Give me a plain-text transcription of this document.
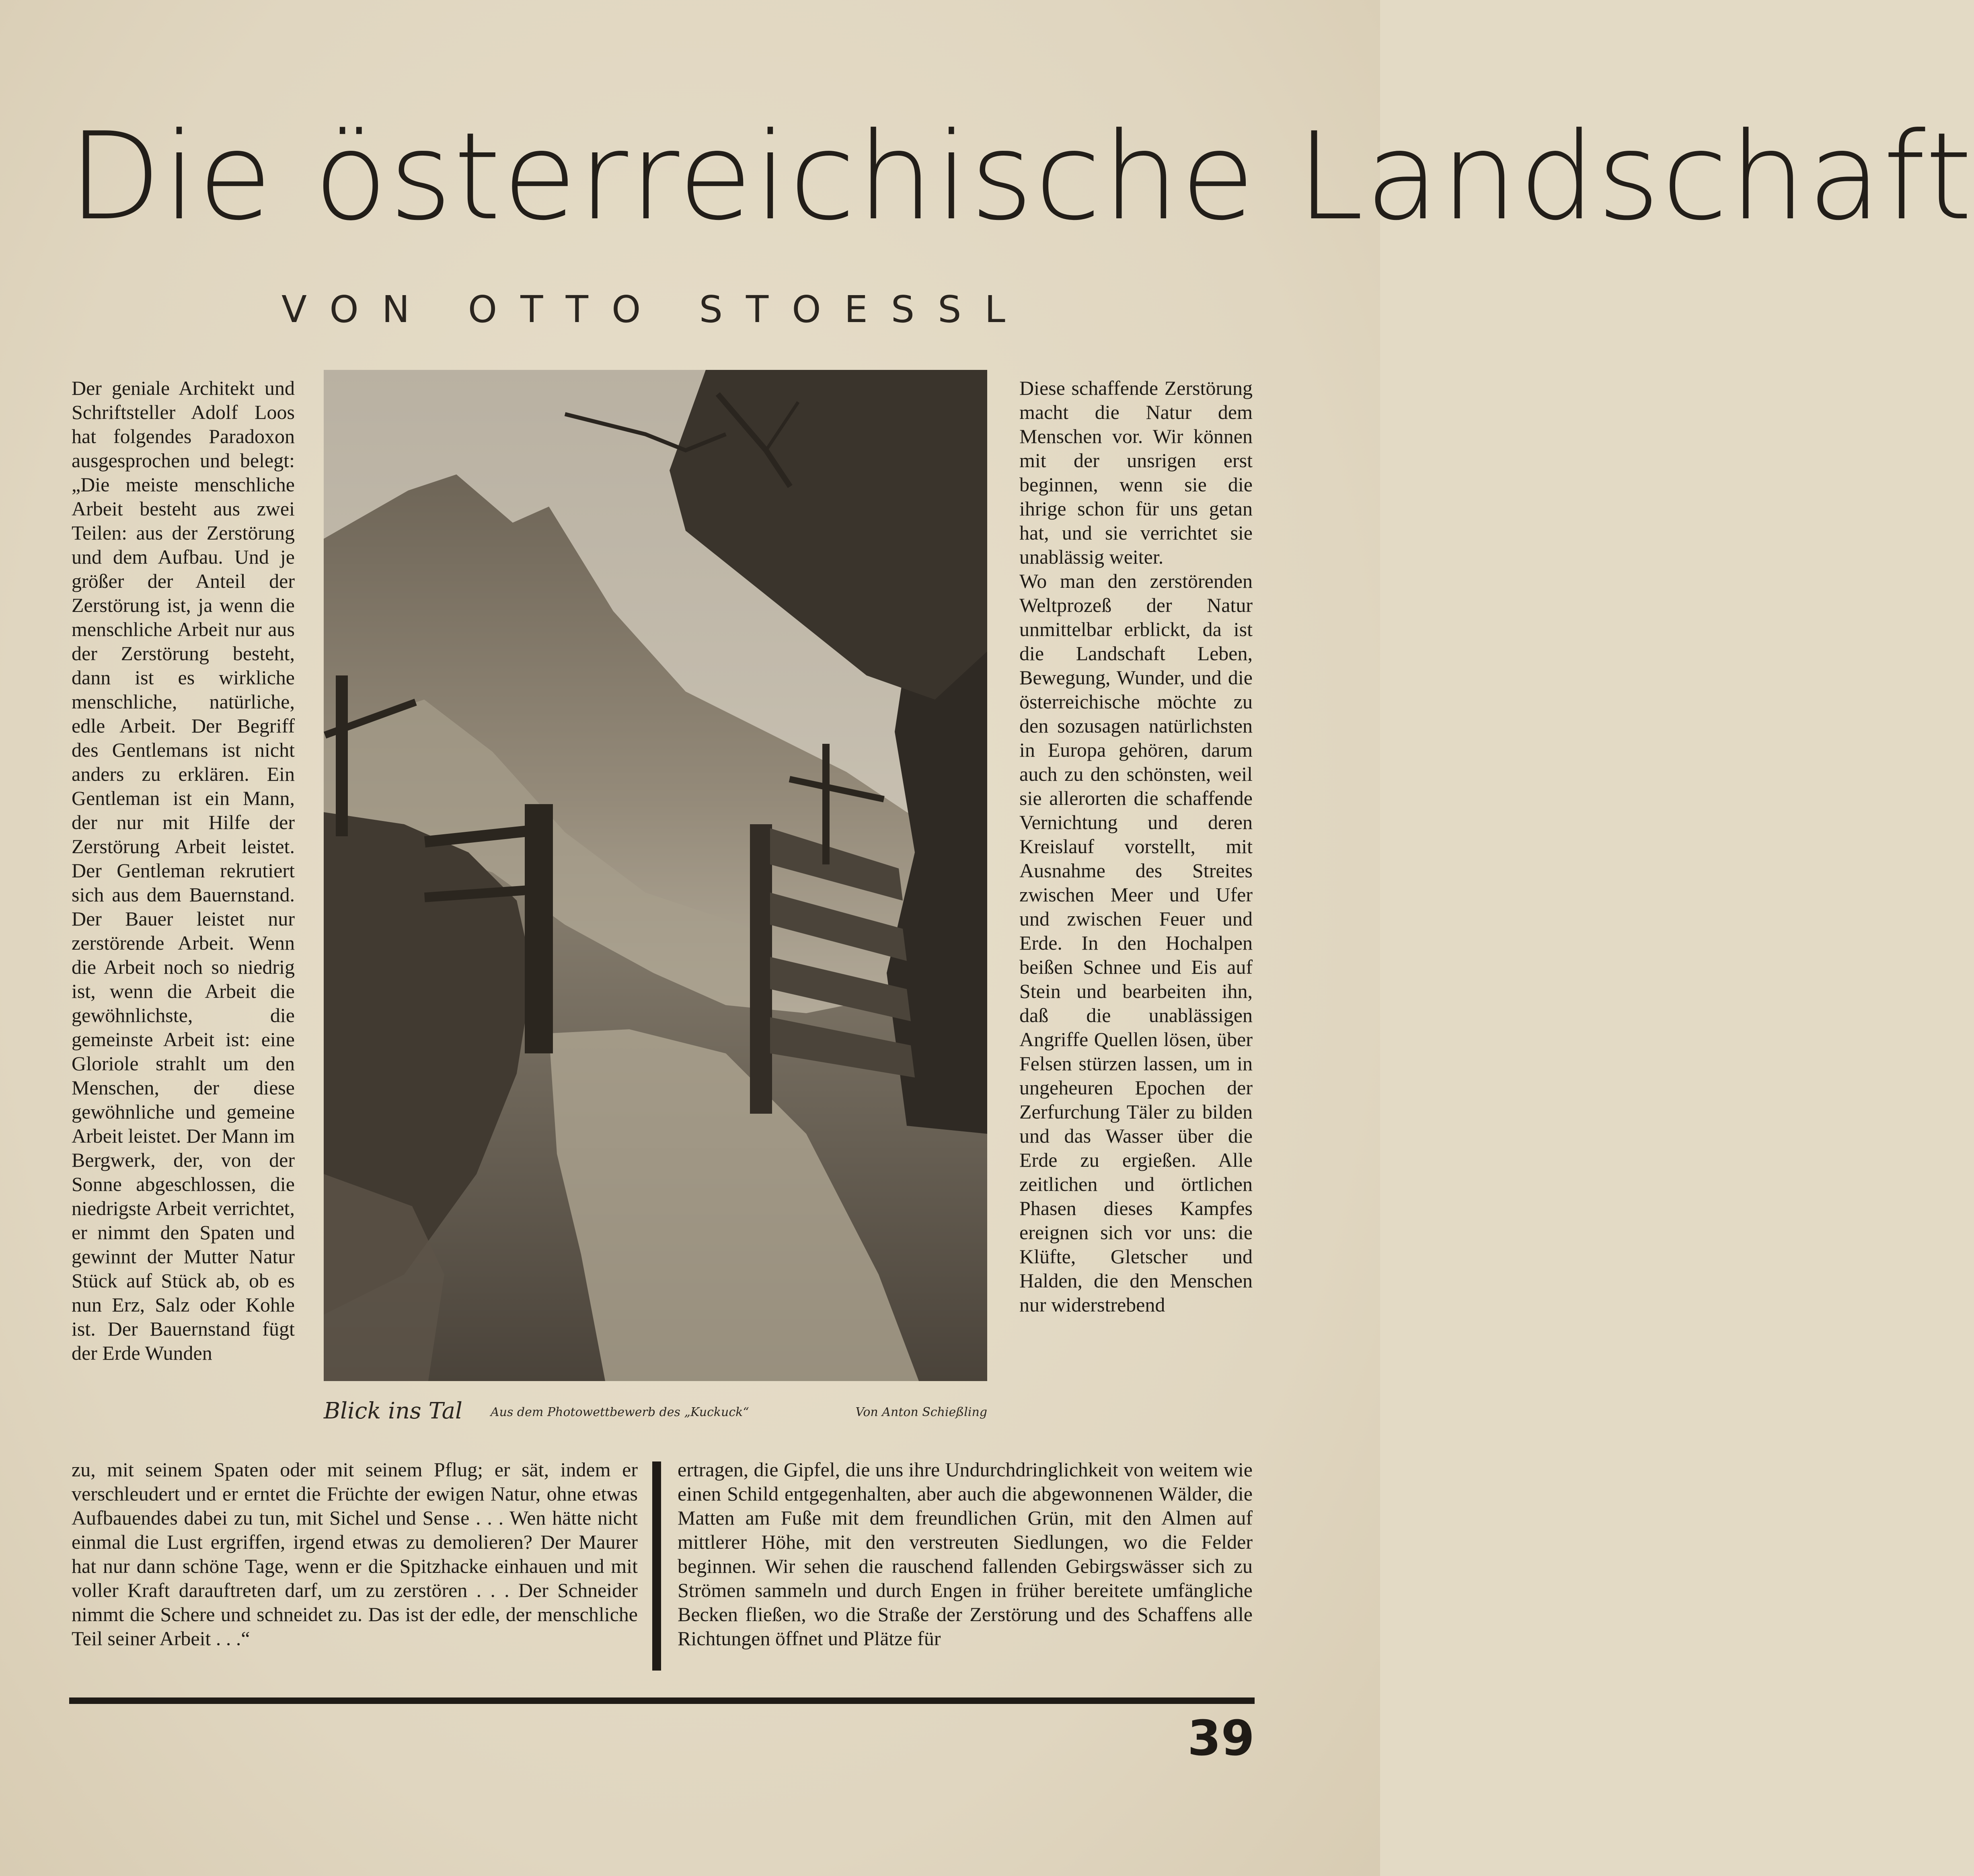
Die österreichische Landschaft
VON OTTO STOESSL

Der geniale Architekt und Schriftsteller Adolf Loos hat folgendes Paradoxon ausgesprochen und belegt: „Die meiste menschliche Arbeit besteht aus zwei Teilen: aus der Zerstörung und dem Aufbau. Und je größer der Anteil der Zerstörung ist, ja wenn die menschliche Arbeit nur aus der Zerstörung besteht, dann ist es wirkliche menschliche, natürliche, edle Arbeit. Der Begriff des Gentlemans ist nicht anders zu erklären. Ein Gentleman ist ein Mann, der nur mit Hilfe der Zerstörung Arbeit leistet. Der Gentleman rekrutiert sich aus dem Bauernstand. Der Bauer leistet nur zerstörende Arbeit. Wenn die Arbeit noch so niedrig ist, wenn die Arbeit die gewöhnlichste, die gemeinste Arbeit ist: eine Gloriole strahlt um den Menschen, der diese gewöhnliche und gemeine Arbeit leistet. Der Mann im Bergwerk, der, von der Sonne abgeschlossen, die niedrigste Arbeit verrichtet, er nimmt den Spaten und gewinnt der Mutter Natur Stück auf Stück ab, ob es nun Erz, Salz oder Kohle ist. Der Bauernstand fügt der Erde Wunden

Blick ins Tal	Aus dem Photowettbewerb des „Kuckuck“	Von Anton Schießling

Diese schaffende Zerstörung macht die Natur dem Menschen vor. Wir können mit der unsrigen erst beginnen, wenn sie die ihrige schon für uns getan hat, und sie verrichtet sie unablässig weiter.

Wo man den zerstörenden Weltprozeß der Natur unmittelbar erblickt, da ist die Landschaft Leben, Bewegung, Wunder, und die österreichische möchte zu den sozusagen natürlichsten in Europa gehören, darum auch zu den schönsten, weil sie allerorten die schaffende Vernichtung und deren Kreislauf vorstellt, mit Ausnahme des Streites zwischen Meer und Ufer und zwischen Feuer und Erde. In den Hochalpen beißen Schnee und Eis auf Stein und bearbeiten ihn, daß die unablässigen Angriffe Quellen lösen, über Felsen stürzen lassen, um in ungeheuren Epochen der Zerfurchung Täler zu bilden und das Wasser über die Erde zu ergießen. Alle zeitlichen und örtlichen Phasen dieses Kampfes ereignen sich vor uns: die Klüfte, Gletscher und Halden, die den Menschen nur widerstrebend

zu, mit seinem Spaten oder mit seinem Pflug; er sät, indem er verschleudert und er erntet die Früchte der ewigen Natur, ohne etwas Aufbauendes dabei zu tun, mit Sichel und Sense . . . Wen hätte nicht einmal die Lust ergriffen, irgend etwas zu demolieren? Der Maurer hat nur dann schöne Tage, wenn er die Spitzhacke einhauen und mit voller Kraft darauftreten darf, um zu zerstören . . . Der Schneider nimmt die Schere und schneidet zu. Das ist der edle, der menschliche Teil seiner Arbeit . . .“

ertragen, die Gipfel, die uns ihre Undurchdringlichkeit von weitem wie einen Schild entgegenhalten, aber auch die abgewonnenen Wälder, die Matten am Fuße mit dem freundlichen Grün, mit den Almen auf mittlerer Höhe, mit den verstreuten Siedlungen, wo die Felder beginnen. Wir sehen die rauschend fallenden Gebirgswässer sich zu Strömen sammeln und durch Engen in früher bereitete umfängliche Becken fließen, wo die Straße der Zerstörung und des Schaffens alle Richtungen öffnet und Plätze für

39
